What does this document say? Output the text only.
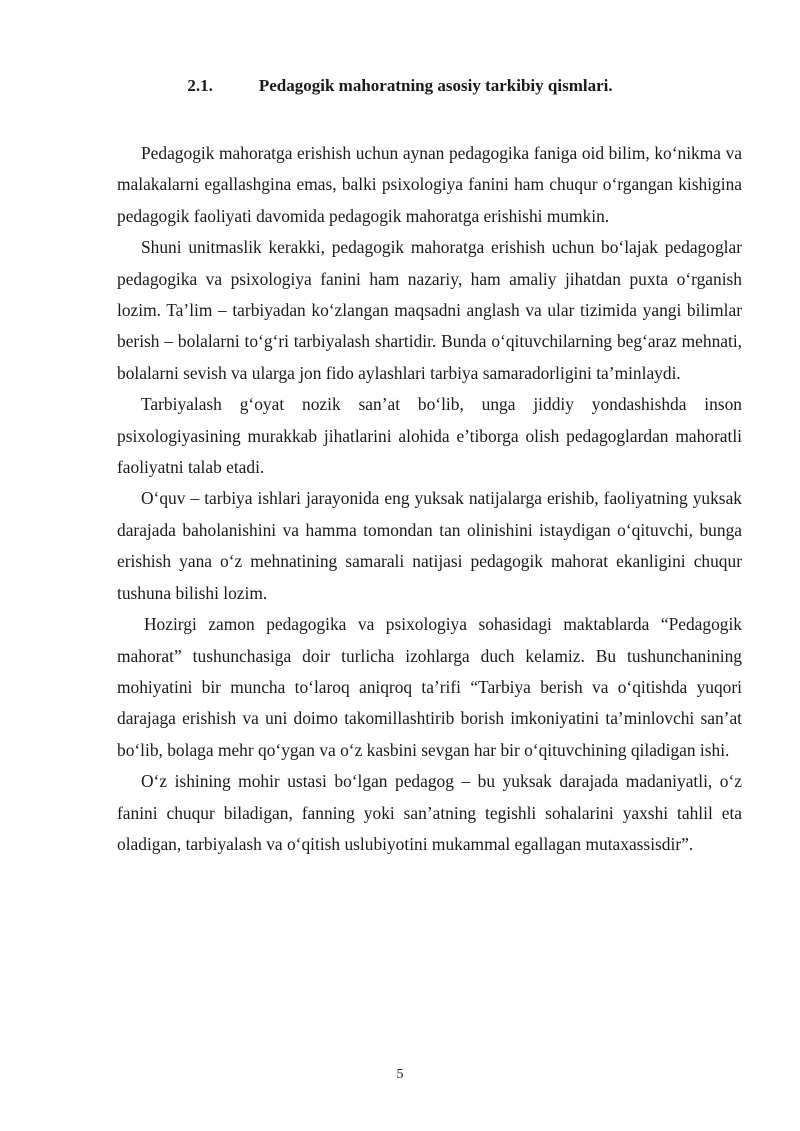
2.1.	Pedagogik mahoratning asosiy tarkibiy qismlari.

Pedagogik mahoratga erishish uchun aynan pedagogika faniga oid bilim, ko‘nikma va malakalarni egallashgina emas, balki psixologiya fanini ham chuqur o‘rgangan kishigina pedagogik faoliyati davomida pedagogik mahoratga erishishi mumkin.

Shuni unitmaslik kerakki, pedagogik mahoratga erishish uchun bo‘lajak pedagoglar pedagogika va psixologiya fanini ham nazariy, ham amaliy jihatdan puxta o‘rganish lozim. Ta’lim – tarbiyadan ko‘zlangan maqsadni anglash va ular tizimida yangi bilimlar berish – bolalarni to‘g‘ri tarbiyalash shartidir. Bunda o‘qituvchilarning beg‘araz mehnati, bolalarni sevish va ularga jon fido aylashlari tarbiya samaradorligini ta’minlaydi.

Tarbiyalash g‘oyat nozik san’at bo‘lib, unga jiddiy yondashishda inson psixologiyasining murakkab jihatlarini alohida e’tiborga olish pedagoglardan mahoratli faoliyatni talab etadi.

O‘quv – tarbiya ishlari jarayonida eng yuksak natijalarga erishib, faoliyatning yuksak darajada baholanishini va hamma tomondan tan olinishini istaydigan o‘qituvchi, bunga erishish yana o‘z mehnatining samarali natijasi pedagogik mahorat ekanligini chuqur tushuna bilishi lozim.

Hozirgi zamon pedagogika va psixologiya sohasidagi maktablarda “Pedagogik mahorat” tushunchasiga doir turlicha izohlarga duch kelamiz. Bu tushunchanining mohiyatini bir muncha to‘laroq aniqroq ta’rifi “Tarbiya berish va o‘qitishda yuqori darajaga erishish va uni doimo takomillashtirib borish imkoniyatini ta’minlovchi san’at bo‘lib, bolaga mehr qo‘ygan va o‘z kasbini sevgan har bir o‘qituvchining qiladigan ishi.

O‘z ishining mohir ustasi bo‘lgan pedagog – bu yuksak darajada madaniyatli, o‘z fanini chuqur biladigan, fanning yoki san’atning tegishli sohalarini yaxshi tahlil eta oladigan, tarbiyalash va o‘qitish uslubiyotini mukammal egallagan mutaxassisdir”.

5
